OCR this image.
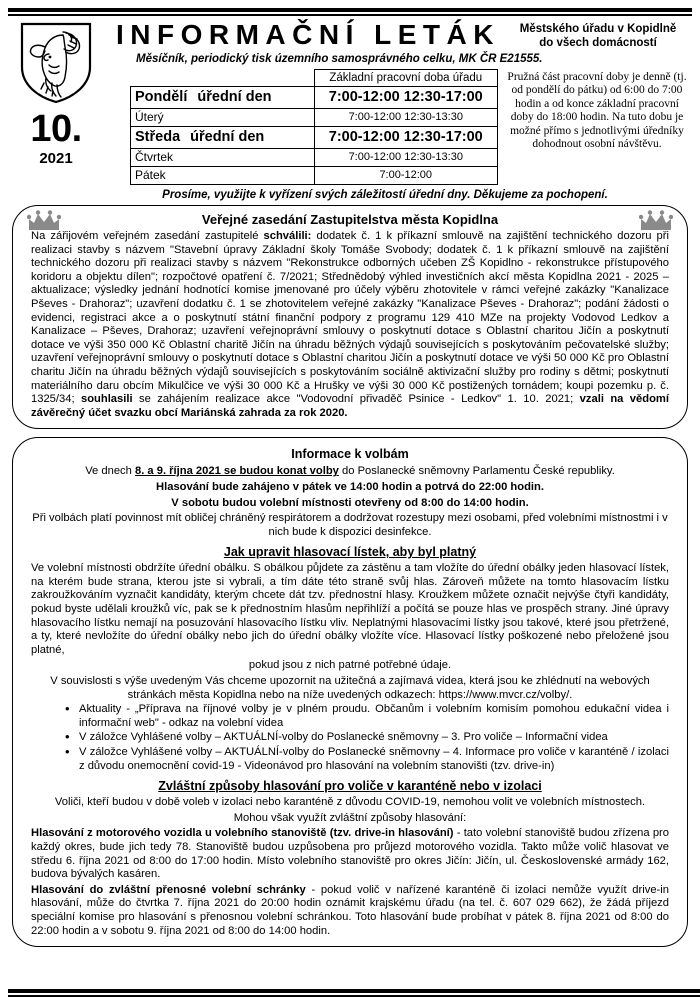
10.
2021
INFORMAČNÍ LETÁK	Městského úřadu v Kopidlně
do všech domácností
Měsíčník, periodický tisk územního samosprávného celku, MK ČR E21555.
	Základní pracovní doba úřadu
Pondělí úřední den	7:00-12:00 12:30-17:00
Úterý	7:00-12:00 12:30-13:30
Středa úřední den	7:00-12:00 12:30-17:00
Čtvrtek	7:00-12:00 12:30-13:30
Pátek	7:00-12:00
Pružná část pracovní doby je denně (tj. od pondělí do pátku) od 6:00 do 7:00 hodin a od konce základní pracovní doby do 18:00 hodin. Na tuto dobu je možné přímo s jednotlivými úředníky dohodnout osobní návštěvu.
Prosíme, využijte k vyřízení svých záležitostí úřední dny. Děkujeme za pochopení.
Veřejné zasedání Zastupitelstva města Kopidlna

Na zářijovém veřejném zasedání zastupitelé schválili: dodatek č. 1 k příkazní smlouvě na zajištění technického dozoru při realizaci stavby s názvem "Stavební úpravy Základní školy Tomáše Svobody; dodatek č. 1 k příkazní smlouvě na zajištění technického dozoru při realizaci stavby s názvem "Rekonstrukce odborných učeben ZŠ Kopidlno - rekonstrukce přístupového koridoru a objektu dílen"; rozpočtové opatření č. 7/2021; Střednědobý výhled investičních akcí města Kopidlna 2021 - 2025 – aktualizace; výsledky jednání hodnotící komise jmenované pro účely výběru zhotovitele v rámci veřejné zakázky "Kanalizace Pševes - Drahoraz"; uzavření dodatku č. 1 se zhotovitelem veřejné zakázky "Kanalizace Pševes - Drahoraz"; podání žádosti o evidenci, registraci akce a o poskytnutí státní finanční podpory z programu 129 410 MZe na projekty Vodovod Ledkov a Kanalizace – Pševes, Drahoraz; uzavření veřejnoprávní smlouvy o poskytnutí dotace s Oblastní charitou Jičín a poskytnutí dotace ve výši 350 000 Kč Oblastní charitě Jičín na úhradu běžných výdajů souvisejících s poskytováním pečovatelské služby; uzavření veřejnoprávní smlouvy o poskytnutí dotace s Oblastní charitou Jičín a poskytnutí dotace ve výši 50 000 Kč pro Oblastní charitu Jičín na úhradu běžných výdajů souvisejících s poskytováním sociálně aktivizační služby pro rodiny s dětmi; poskytnutí materiálního daru obcím Mikulčice ve výši 30 000 Kč a Hrušky ve výši 30 000 Kč postižených tornádem; koupi pozemku p. č. 1325/34; souhlasili se zahájením realizace akce "Vodovodní přivaděč Psinice - Ledkov" 1. 10. 2021; vzali na vědomí závěrečný účet svazku obcí Mariánská zahrada za rok 2020.

Informace k volbám

Ve dnech 8. a 9. října 2021 se budou konat volby do Poslanecké sněmovny Parlamentu České republiky.

Hlasování bude zahájeno v pátek ve 14:00 hodin a potrvá do 22:00 hodin.

V sobotu budou volební místnosti otevřeny od 8:00 do 14:00 hodin.

Při volbách platí povinnost mít obličej chráněný respirátorem a dodržovat rozestupy mezi osobami, před volebními místnostmi i v nich bude k dispozici desinfekce.

Jak upravit hlasovací lístek, aby byl platný

Ve volební místnosti obdržíte úřední obálku. S obálkou půjdete za zástěnu a tam vložíte do úřední obálky jeden hlasovací lístek, na kterém bude strana, kterou jste si vybrali, a tím dáte této straně svůj hlas. Zároveň můžete na tomto hlasovacím lístku zakroužkováním vyznačit kandidáty, kterým chcete dát tzv. přednostní hlasy. Kroužkem můžete označit nejvýše čtyři kandidáty, pokud byste udělali kroužků víc, pak se k přednostním hlasům nepřihlíží a počítá se pouze hlas ve prospěch strany. Jiné úpravy hlasovacího lístku nemají na posuzování hlasovacího lístku vliv. Neplatnými hlasovacími lístky jsou takové, které jsou přetržené, a ty, které nevložíte do úřední obálky nebo jich do úřední obálky vložíte více. Hlasovací lístky poškozené nebo přeložené jsou platné,

pokud jsou z nich patrné potřebné údaje.

V souvislosti s výše uvedeným Vás chceme upozornit na užitečná a zajímavá videa, která jsou ke zhlédnutí na webových stránkách města Kopidlna nebo na níže uvedených odkazech: https://www.mvcr.cz/volby/.

• Aktuality - „Příprava na říjnové volby je v plném proudu. Občanům i volebním komisím pomohou edukační videa i informační web" - odkaz na volební videa
• V záložce Vyhlášené volby – AKTUÁLNÍ-volby do Poslanecké sněmovny – 3. Pro voliče – Informační videa
• V záložce Vyhlášené volby – AKTUÁLNÍ-volby do Poslanecké sněmovny – 4. Informace pro voliče v karanténě / izolaci z důvodu onemocnění covid-19 - Videonávod pro hlasování na volebním stanovišti (tzv. drive-in)
Zvláštní způsoby hlasování pro voliče v karanténě nebo v izolaci

Voliči, kteří budou v době voleb v izolaci nebo karanténě z důvodu COVID-19, nemohou volit ve volebních místnostech.

Mohou však využít zvláštní způsoby hlasování:

Hlasování z motorového vozidla u volebního stanoviště (tzv. drive-in hlasování) - tato volební stanoviště budou zřízena pro každý okres, bude jich tedy 78. Stanoviště budou uzpůsobena pro průjezd motorového vozidla. Takto může volič hlasovat ve středu 6. října 2021 od 8:00 do 17:00 hodin. Místo volebního stanoviště pro okres Jičín: Jičín, ul. Československé armády 162, budova bývalých kasáren.

Hlasování do zvláštní přenosné volební schránky - pokud volič v nařízené karanténě či izolaci nemůže využít drive-in hlasování, může do čtvrtka 7. října 2021 do 20:00 hodin oznámit krajskému úřadu (na tel. č. 607 029 662), že žádá příjezd speciální komise pro hlasování s přenosnou volební schránkou. Toto hlasování bude probíhat v pátek 8. října 2021 od 8:00 do 22:00 hodin a v sobotu 9. října 2021 od 8:00 do 14:00 hodin.
